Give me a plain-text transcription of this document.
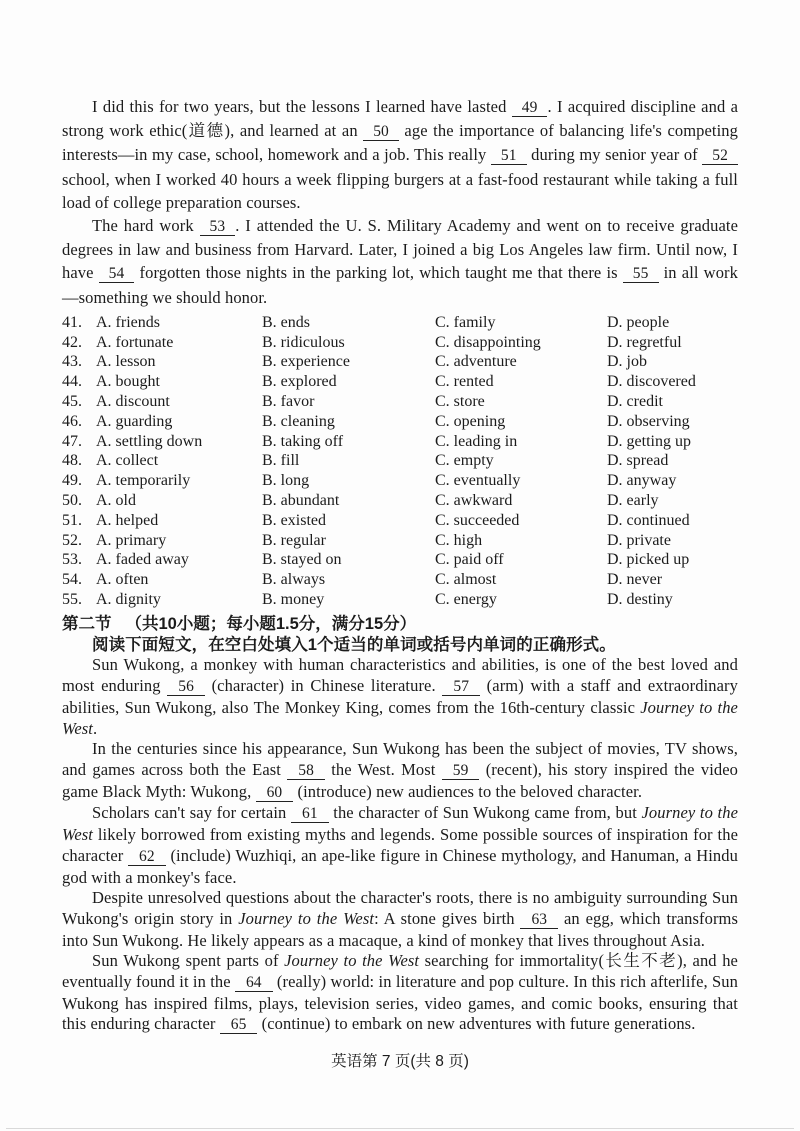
I did this for two years, but the lessons I learned have lasted 49 . I acquired discipline and a strong work ethic(道德), and learned at an 50 age the importance of balancing life's competing interests—in my case, school, homework and a job. This really 51 during my senior year of 52 school, when I worked 40 hours a week flipping burgers at a fast-food restaurant while taking a full load of college preparation courses.

The hard work 53 . I attended the U. S. Military Academy and went on to receive graduate degrees in law and business from Harvard. Later, I joined a big Los Angeles law firm. Until now, I have 54 forgotten those nights in the parking lot, which taught me that there is 55 in all work—something we should honor.

41. A. friends	B. ends	C. family	D. people
42. A. fortunate	B. ridiculous	C. disappointing	D. regretful
43. A. lesson	B. experience	C. adventure	D. job
44. A. bought	B. explored	C. rented	D. discovered
45. A. discount	B. favor	C. store	D. credit
46. A. guarding	B. cleaning	C. opening	D. observing
47. A. settling down	B. taking off	C. leading in	D. getting up
48. A. collect	B. fill	C. empty	D. spread
49. A. temporarily	B. long	C. eventually	D. anyway
50. A. old	B. abundant	C. awkward	D. early
51. A. helped	B. existed	C. succeeded	D. continued
52. A. primary	B. regular	C. high	D. private
53. A. faded away	B. stayed on	C. paid off	D. picked up
54. A. often	B. always	C. almost	D. never
55. A. dignity	B. money	C. energy	D. destiny
第二节 （共10小题；每小题1.5分，满分15分）

阅读下面短文，在空白处填入1个适当的单词或括号内单词的正确形式。

Sun Wukong, a monkey with human characteristics and abilities, is one of the best loved and most enduring 56 (character) in Chinese literature. 57 (arm) with a staff and extraordinary abilities, Sun Wukong, also The Monkey King, comes from the 16th-century classic Journey to the West.

In the centuries since his appearance, Sun Wukong has been the subject of movies, TV shows, and games across both the East 58 the West. Most 59 (recent), his story inspired the video game Black Myth: Wukong, 60 (introduce) new audiences to the beloved character.

Scholars can't say for certain 61 the character of Sun Wukong came from, but Journey to the West likely borrowed from existing myths and legends. Some possible sources of inspiration for the character 62 (include) Wuzhiqi, an ape-like figure in Chinese mythology, and Hanuman, a Hindu god with a monkey's face.

Despite unresolved questions about the character's roots, there is no ambiguity surrounding Sun Wukong's origin story in Journey to the West: A stone gives birth 63 an egg, which transforms into Sun Wukong. He likely appears as a macaque, a kind of monkey that lives throughout Asia.

Sun Wukong spent parts of Journey to the West searching for immortality(长生不老), and he eventually found it in the 64 (really) world: in literature and pop culture. In this rich afterlife, Sun Wukong has inspired films, plays, television series, video games, and comic books, ensuring that this enduring character 65 (continue) to embark on new adventures with future generations.

英语第 7 页(共 8 页)
